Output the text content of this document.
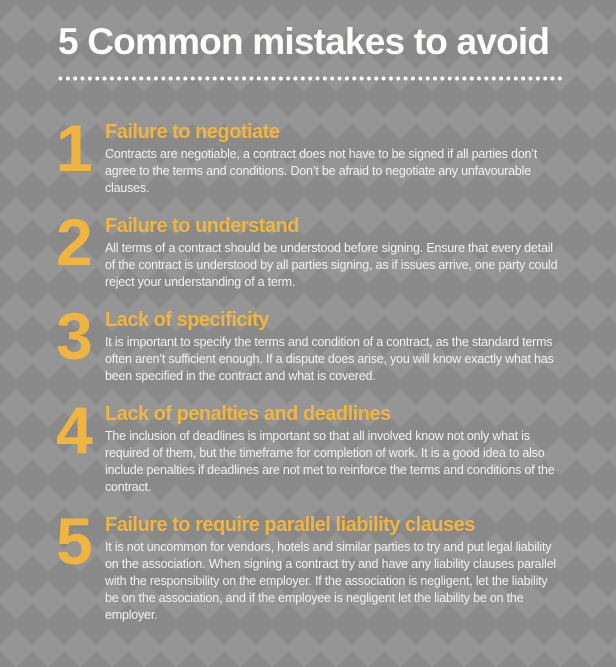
5 Common mistakes to avoid
1 Failure to negotiate
Contracts are negotiable, a contract does not have to be signed if all parties don’t agree to the terms and conditions. Don’t be afraid to negotiate any unfavourable clauses.
2 Failure to understand
All terms of a contract should be understood before signing. Ensure that every detail of the contract is understood by all parties signing, as if issues arrive, one party could reject your understanding of a term.
3 Lack of specificity
It is important to specify the terms and condition of a contract, as the standard terms often aren’t sufficient enough. If a dispute does arise, you will know exactly what has been specified in the contract and what is covered.
4 Lack of penalties and deadlines
The inclusion of deadlines is important so that all involved know not only what is required of them, but the timeframe for completion of work. It is a good idea to also include penalties if deadlines are not met to reinforce the terms and conditions of the contract.
5 Failure to require parallel liability clauses
It is not uncommon for vendors, hotels and similar parties to try and put legal liability on the association. When signing a contract try and have any liability clauses parallel with the responsibility on the employer. If the association is negligent, let the liability be on the association, and if the employee is negligent let the liability be on the employer.
